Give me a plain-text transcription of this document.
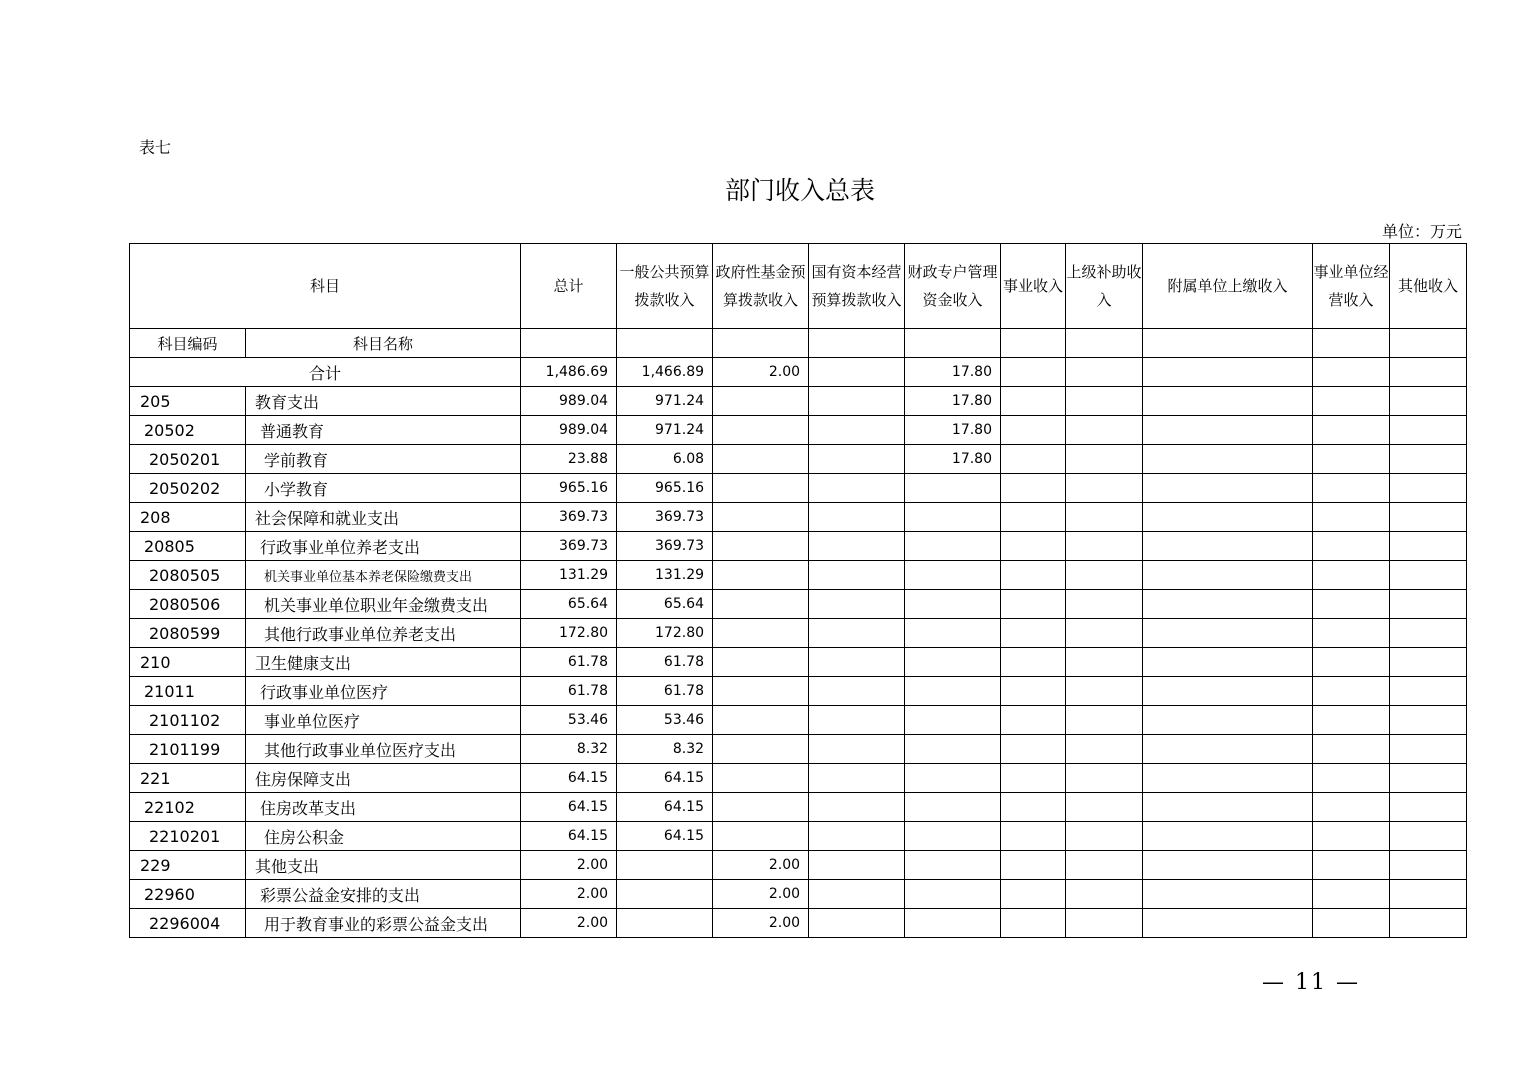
表七
部门收入总表
单位：万元
科目		总计	一般公共预算拨款收入	政府性基金预算拨款收入	国有资本经营预算拨款收入	财政专户管理资金收入	事业收入	上级补助收入	附属单位上缴收入	事业单位经营收入	其他收入
科目编码	科目名称										
合计		1,486.69	1,466.89	2.00		17.80					
205	教育支出	989.04	971.24			17.80					
20502	普通教育	989.04	971.24			17.80					
2050201	学前教育	23.88	6.08			17.80					
2050202	小学教育	965.16	965.16								
208	社会保障和就业支出	369.73	369.73								
20805	行政事业单位养老支出	369.73	369.73								
2080505	机关事业单位基本养老保险缴费支出	131.29	131.29								
2080506	机关事业单位职业年金缴费支出	65.64	65.64								
2080599	其他行政事业单位养老支出	172.80	172.80								
210	卫生健康支出	61.78	61.78								
21011	行政事业单位医疗	61.78	61.78								
2101102	事业单位医疗	53.46	53.46								
2101199	其他行政事业单位医疗支出	8.32	8.32								
221	住房保障支出	64.15	64.15								
22102	住房改革支出	64.15	64.15								
2210201	住房公积金	64.15	64.15								
229	其他支出	2.00		2.00							
22960	彩票公益金安排的支出	2.00		2.00							
2296004	用于教育事业的彩票公益金支出	2.00		2.00							
— 11 —
